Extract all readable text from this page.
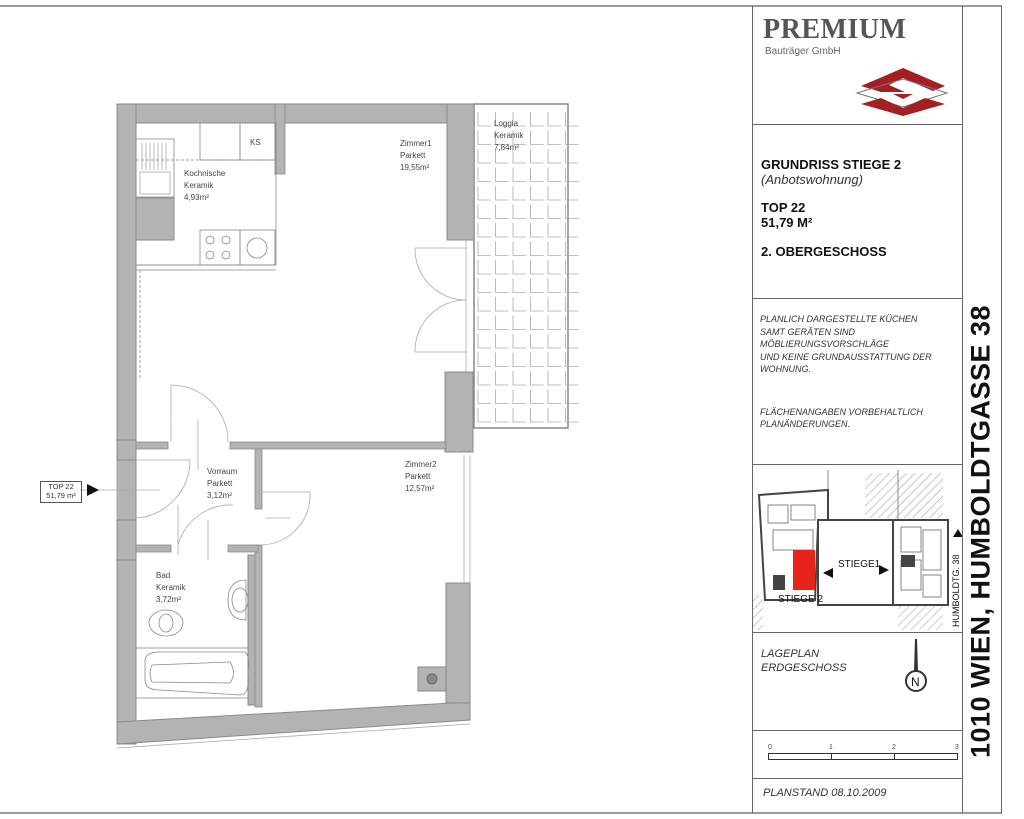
KS
Kochnische
Keramik
4,93m²
Zimmer1
Parkett
19,55m²
Loggia
Keramik
7,84m²
Vorraum
Parkett
3,12m²
Zimmer2
Parkett
12,57m²
Bad
Keramik
3,72m²
TOP 22
51,79 m²
PREMIUM
Bauträger GmbH
GRUNDRISS STIEGE 2
(Anbotswohnung)
TOP 22
51,79 M²
2. OBERGESCHOSS
PLANLICH DARGESTELLTE KÜCHEN
SAMT GERÄTEN SIND
MÖBLIERUNGSVORSCHLÄGE
UND KEINE GRUNDAUSSTATTUNG DER
WOHNUNG.
FLÄCHENANGABEN VORBEHALTLICH
PLANÄNDERUNGEN.
STIEGE1
STIEGE 2	HUMBOLDTG. 38
LAGEPLAN
ERDGESCHOSS
N
0	1	2	3
PLANSTAND 08.10.2009
1010 WIEN, HUMBOLDTGASSE 38
